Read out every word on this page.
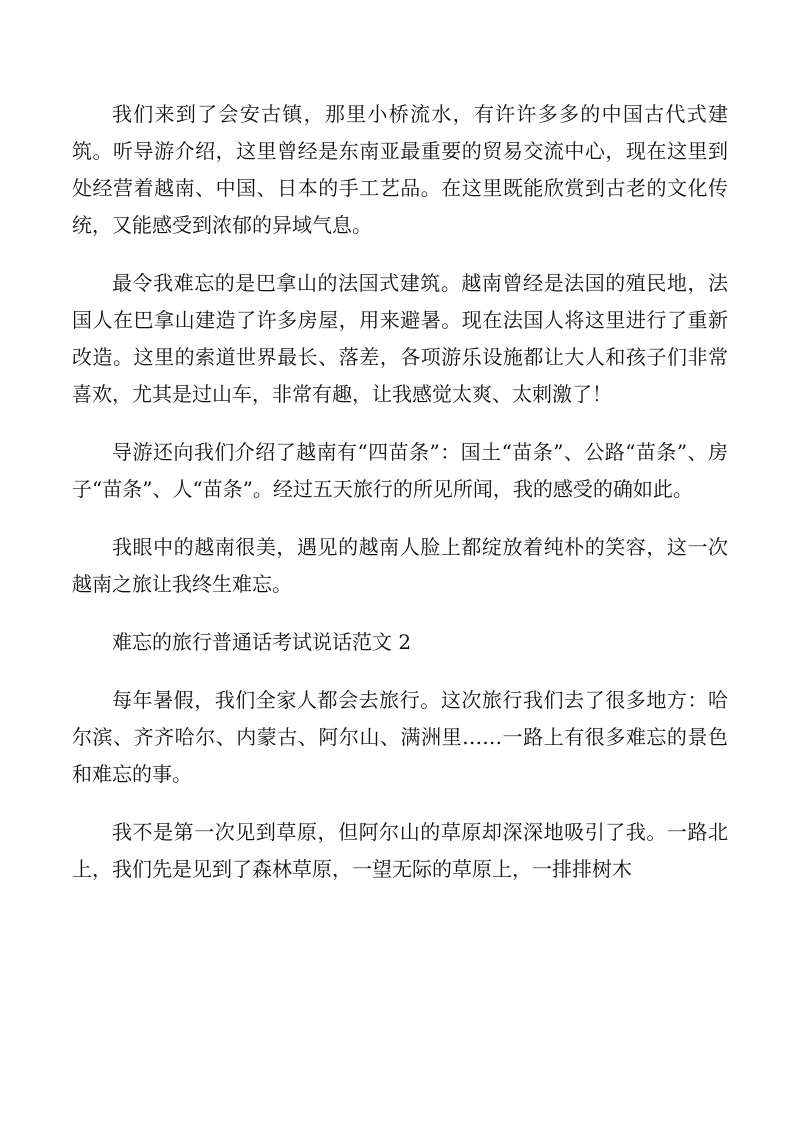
我们来到了会安古镇，那里小桥流水，有许许多多的中国古代式建筑。听导游介绍，这里曾经是东南亚最重要的贸易交流中心，现在这里到处经营着越南、中国、日本的手工艺品。在这里既能欣赏到古老的文化传统，又能感受到浓郁的异域气息。

最令我难忘的是巴拿山的法国式建筑。越南曾经是法国的殖民地，法国人在巴拿山建造了许多房屋，用来避暑。现在法国人将这里进行了重新改造。这里的索道世界最长、落差，各项游乐设施都让大人和孩子们非常喜欢，尤其是过山车，非常有趣，让我感觉太爽、太刺激了！

导游还向我们介绍了越南有“四苗条”：国土“苗条”、公路“苗条”、房子“苗条”、人“苗条”。经过五天旅行的所见所闻，我的感受的确如此。

我眼中的越南很美，遇见的越南人脸上都绽放着纯朴的笑容，这一次越南之旅让我终生难忘。

难忘的旅行普通话考试说话范文 2

每年暑假，我们全家人都会去旅行。这次旅行我们去了很多地方：哈尔滨、齐齐哈尔、内蒙古、阿尔山、满洲里……一路上有很多难忘的景色和难忘的事。

我不是第一次见到草原，但阿尔山的草原却深深地吸引了我。一路北上，我们先是见到了森林草原，一望无际的草原上，一排排树木
